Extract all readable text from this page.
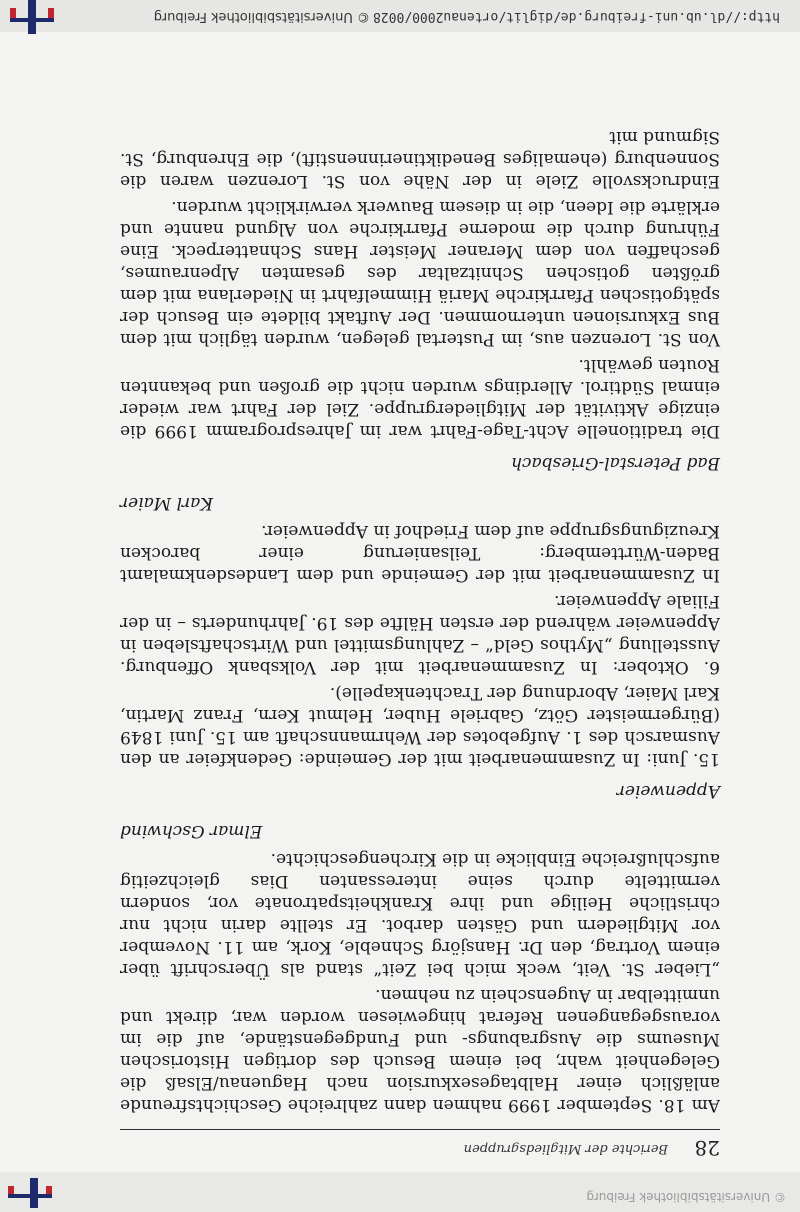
© Universitätsbibliothek Freiburg
28
Berichte der Mitgliedsgruppen

Am 18. September 1999 nahmen dann zahlreiche Geschichtsfreunde anläßlich einer Halbtagesexkursion nach Haguenau/Elsaß die Gelegenheit wahr, bei einem Besuch des dortigen Historischen Museums die Ausgrabungs- und Fundgegenstände, auf die im vorausgegangenen Referat hingewiesen worden war, direkt und unmittelbar in Augenschein zu nehmen.

„Lieber St. Veit, weck mich bei Zeit“ stand als Überschrift über einem Vortrag, den Dr. Hansjörg Schneble, Kork, am 11. November vor Mitgliedern und Gästen darbot. Er stellte darin nicht nur christliche Heilige und ihre Krankheitspatronate vor, sondern vermittelte durch seine interessanten Dias gleichzeitig aufschlußreiche Einblicke in die Kirchengeschichte.

Elmar Gschwind
Appenweier

15. Juni: In Zusammenarbeit mit der Gemeinde: Gedenkfeier an den Ausmarsch des 1. Aufgebotes der Wehrmannschaft am 15. Juni 1849 (Bürgermeister Götz, Gabriele Huber, Helmut Kern, Franz Martin, Karl Maier, Abordnung der Trachtenkapelle).

6. Oktober: In Zusammenarbeit mit der Volksbank Offenburg. Ausstellung „Mythos Geld“ – Zahlungsmittel und Wirtschaftsleben in Appenweier während der ersten Hälfte des 19. Jahrhunderts – in der Filiale Appenweier.

In Zusammenarbeit mit der Gemeinde und dem Landesdenkmalamt Baden-Württemberg: Teilsanierung einer barocken Kreuzigungsgruppe auf dem Friedhof in Appenweier.

Karl Maier
Bad Peterstal-Griesbach

Die traditionelle Acht-Tage-Fahrt war im Jahresprogramm 1999 die einzige Aktivität der Mitgliedergruppe. Ziel der Fahrt war wieder einmal Südtirol. Allerdings wurden nicht die großen und bekannten Routen gewählt.

Von St. Lorenzen aus, im Pustertal gelegen, wurden täglich mit dem Bus Exkursionen unternommen. Der Auftakt bildete ein Besuch der spätgotischen Pfarrkirche Mariä Himmelfahrt in Niederlana mit dem größten gotischen Schnitzaltar des gesamten Alpenraumes, geschaffen von dem Meraner Meister Hans Schnatterpeck. Eine Führung durch die moderne Pfarrkirche von Algund nannte und erklärte die Ideen, die in diesem Bauwerk verwirklicht wurden.

Eindrucksvolle Ziele in der Nähe von St. Lorenzen waren die Sonnenburg (ehemaliges Benediktinerinnenstift), die Ehrenburg, St. Sigmund mit

http://dl.ub.uni-freiburg.de/diglit/ortenau2000/0028
© Universitätsbibliothek Freiburg
